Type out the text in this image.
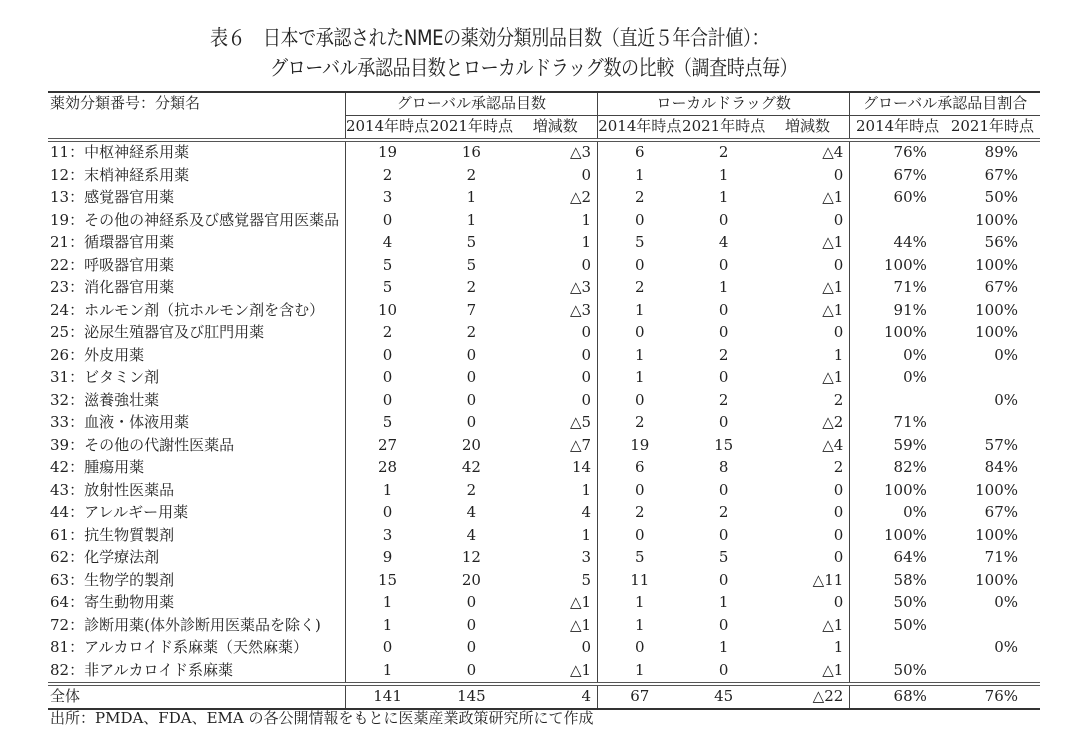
表６　日本で承認されたNMEの薬効分類別品目数（直近５年合計値）：
グローバル承認品目数とローカルドラッグ数の比較（調査時点毎）
薬効分類番号：分類名	グローバル承認品目数			ローカルドラッグ数			グローバル承認品目割合	
	2014年時点	2021年時点	増減数	2014年時点	2021年時点	増減数	2014年時点	2021年時点
11：中枢神経系用薬	19	16	△3	6	2	△4	76%	89%
12：末梢神経系用薬	2	2	0	1	1	0	67%	67%
13：感覚器官用薬	3	1	△2	2	1	△1	60%	50%
19：その他の神経系及び感覚器官用医薬品	0	1	1	0	0	0		100%
21：循環器官用薬	4	5	1	5	4	△1	44%	56%
22：呼吸器官用薬	5	5	0	0	0	0	100%	100%
23：消化器官用薬	5	2	△3	2	1	△1	71%	67%
24：ホルモン剤（抗ホルモン剤を含む）	10	7	△3	1	0	△1	91%	100%
25：泌尿生殖器官及び肛門用薬	2	2	0	0	0	0	100%	100%
26：外皮用薬	0	0	0	1	2	1	0%	0%
31：ビタミン剤	0	0	0	1	0	△1	0%	
32：滋養強壮薬	0	0	0	0	2	2		0%
33：血液・体液用薬	5	0	△5	2	0	△2	71%	
39：その他の代謝性医薬品	27	20	△7	19	15	△4	59%	57%
42：腫瘍用薬	28	42	14	6	8	2	82%	84%
43：放射性医薬品	1	2	1	0	0	0	100%	100%
44：アレルギー用薬	0	4	4	2	2	0	0%	67%
61：抗生物質製剤	3	4	1	0	0	0	100%	100%
62：化学療法剤	9	12	3	5	5	0	64%	71%
63：生物学的製剤	15	20	5	11	0	△11	58%	100%
64：寄生動物用薬	1	0	△1	1	1	0	50%	0%
72：診断用薬(体外診断用医薬品を除く)	1	0	△1	1	0	△1	50%	
81：アルカロイド系麻薬（天然麻薬）	0	0	0	0	1	1		0%
82：非アルカロイド系麻薬	1	0	△1	1	0	△1	50%	
全体	141	145	4	67	45	△22	68%	76%
出所：PMDA、FDA、EMA の各公開情報をもとに医薬産業政策研究所にて作成
